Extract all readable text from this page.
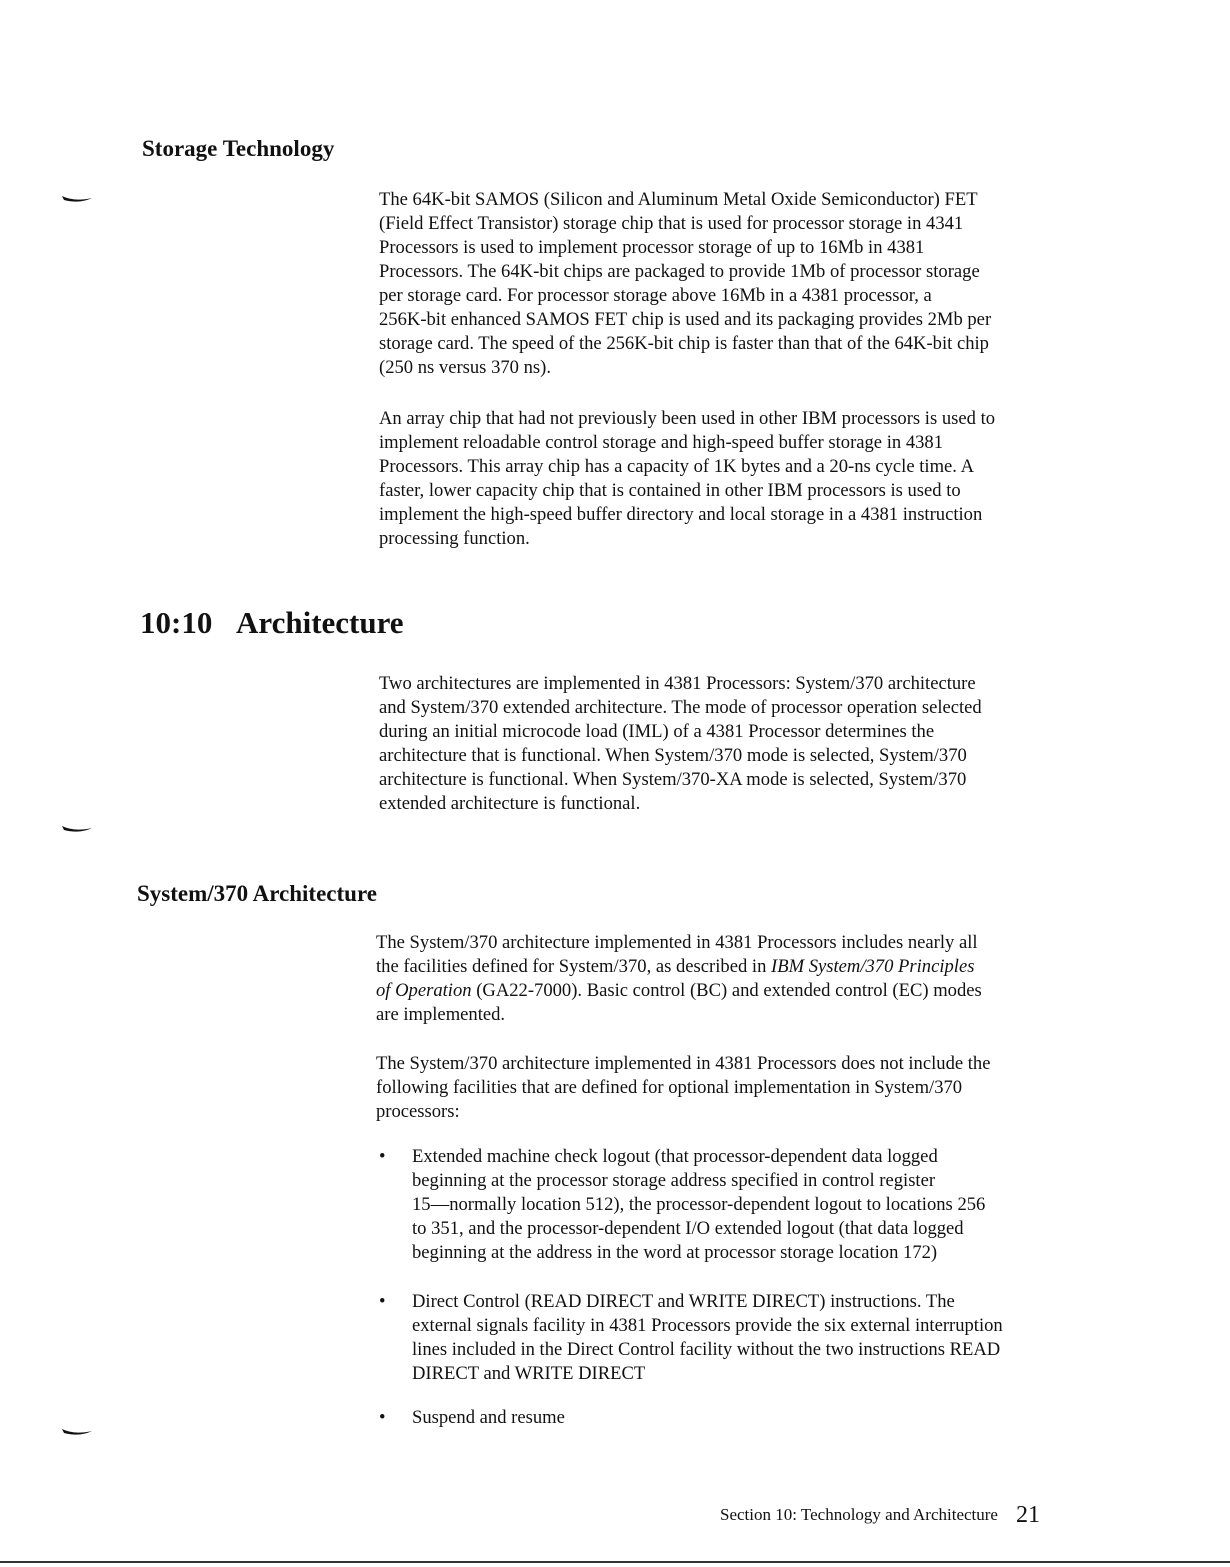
Storage Technology

The 64K-bit SAMOS (Silicon and Aluminum Metal Oxide Semiconductor) FET
(Field Effect Transistor) storage chip that is used for processor storage in 4341
Processors is used to implement processor storage of up to 16Mb in 4381
Processors. The 64K-bit chips are packaged to provide 1Mb of processor storage
per storage card. For processor storage above 16Mb in a 4381 processor, a
256K-bit enhanced SAMOS FET chip is used and its packaging provides 2Mb per
storage card. The speed of the 256K-bit chip is faster than that of the 64K-bit chip
(250 ns versus 370 ns).

An array chip that had not previously been used in other IBM processors is used to
implement reloadable control storage and high-speed buffer storage in 4381
Processors. This array chip has a capacity of 1K bytes and a 20-ns cycle time. A
faster, lower capacity chip that is contained in other IBM processors is used to
implement the high-speed buffer directory and local storage in a 4381 instruction
processing function.

10:10 Architecture

Two architectures are implemented in 4381 Processors: System/370 architecture
and System/370 extended architecture. The mode of processor operation selected
during an initial microcode load (IML) of a 4381 Processor determines the
architecture that is functional. When System/370 mode is selected, System/370
architecture is functional. When System/370-XA mode is selected, System/370
extended architecture is functional.

System/370 Architecture

The System/370 architecture implemented in 4381 Processors includes nearly all
the facilities defined for System/370, as described in IBM System/370 Principles
of Operation (GA22-7000). Basic control (BC) and extended control (EC) modes
are implemented.

The System/370 architecture implemented in 4381 Processors does not include the
following facilities that are defined for optional implementation in System/370
processors:

• Extended machine check logout (that processor-dependent data logged
beginning at the processor storage address specified in control register
15—normally location 512), the processor-dependent logout to locations 256
to 351, and the processor-dependent I/O extended logout (that data logged
beginning at the address in the word at processor storage location 172)
• Direct Control (READ DIRECT and WRITE DIRECT) instructions. The
external signals facility in 4381 Processors provide the six external interruption
lines included in the Direct Control facility without the two instructions READ
DIRECT and WRITE DIRECT
• Suspend and resume

Section 10: Technology and Architecture 21
